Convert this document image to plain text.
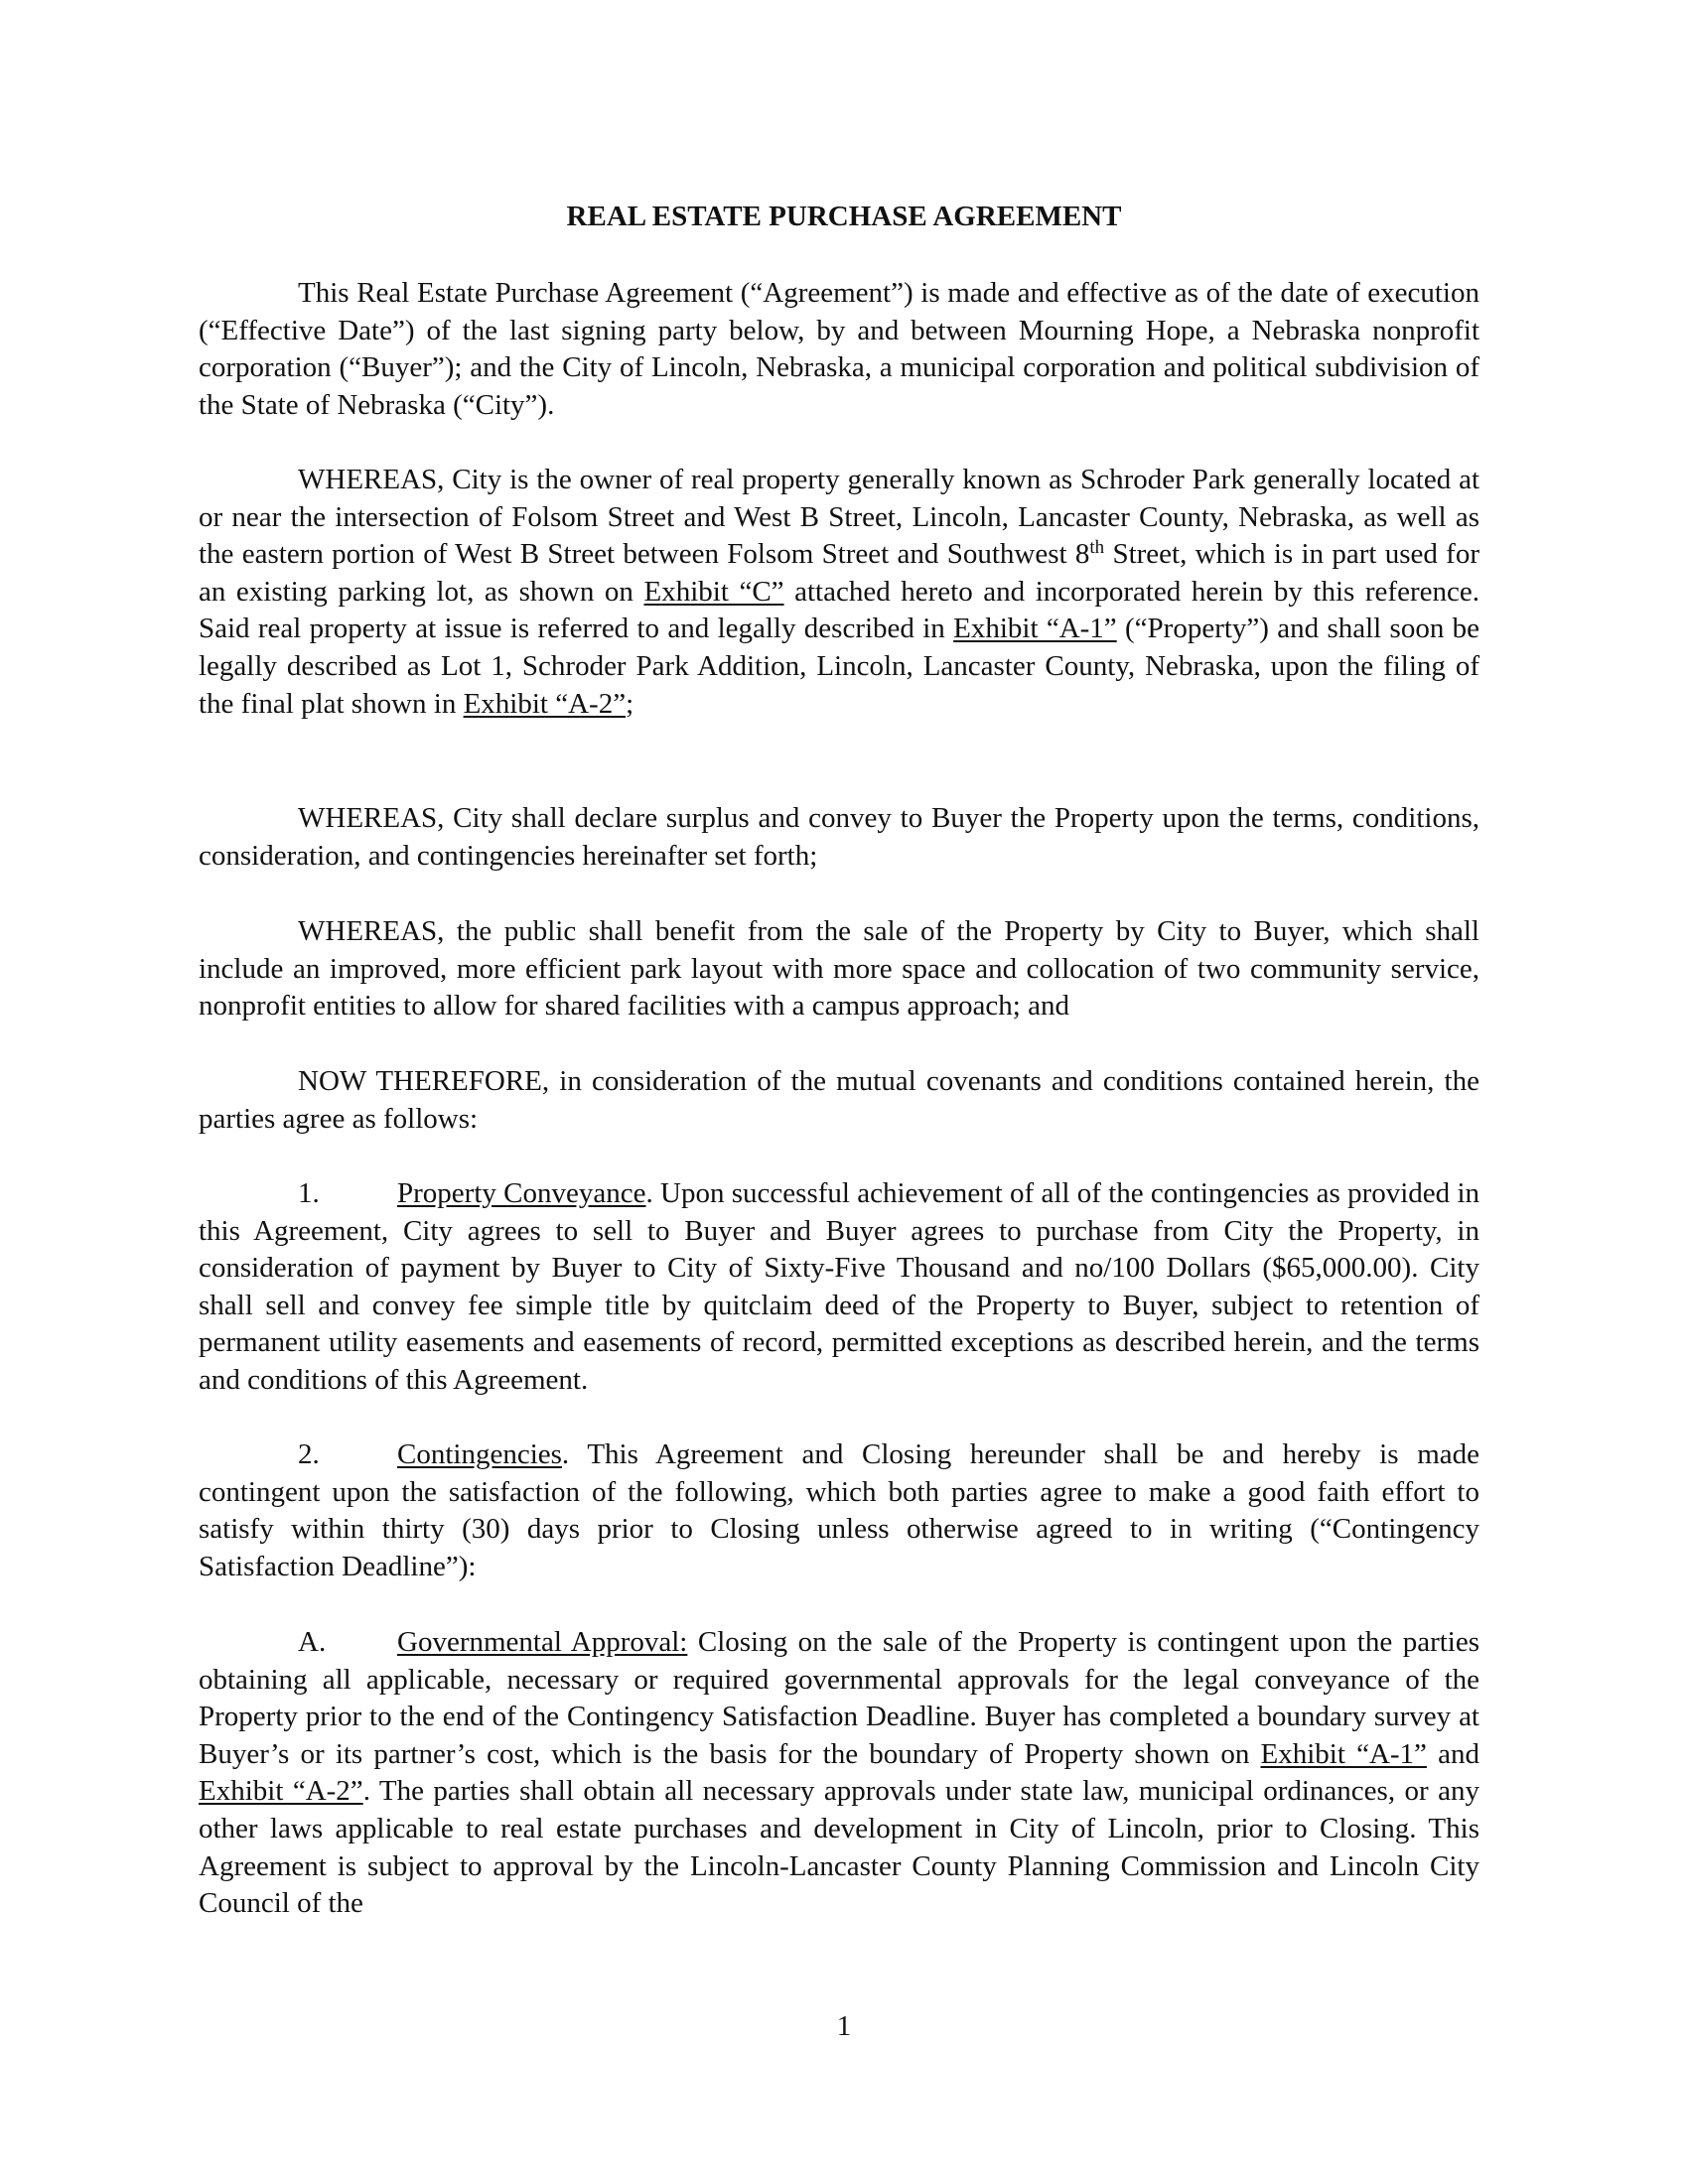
REAL ESTATE PURCHASE AGREEMENT

This Real Estate Purchase Agreement (“Agreement”) is made and effective as of the date of execution (“Effective Date”) of the last signing party below, by and between Mourning Hope, a Nebraska nonprofit corporation (“Buyer”); and the City of Lincoln, Nebraska, a municipal corporation and political subdivision of the State of Nebraska (“City”).

WHEREAS, City is the owner of real property generally known as Schroder Park generally located at or near the intersection of Folsom Street and West B Street, Lincoln, Lancaster County, Nebraska, as well as the eastern portion of West B Street between Folsom Street and Southwest 8th Street, which is in part used for an existing parking lot, as shown on Exhibit “C” attached hereto and incorporated herein by this reference. Said real property at issue is referred to and legally described in Exhibit “A-1” (“Property”) and shall soon be legally described as Lot 1, Schroder Park Addition, Lincoln, Lancaster County, Nebraska, upon the filing of the final plat shown in Exhibit “A-2”;

WHEREAS, City shall declare surplus and convey to Buyer the Property upon the terms, conditions, consideration, and contingencies hereinafter set forth;

WHEREAS, the public shall benefit from the sale of the Property by City to Buyer, which shall include an improved, more efficient park layout with more space and collocation of two community service, nonprofit entities to allow for shared facilities with a campus approach; and

NOW THEREFORE, in consideration of the mutual covenants and conditions contained herein, the parties agree as follows:

1.	Property Conveyance. Upon successful achievement of all of the contingencies as provided in this Agreement, City agrees to sell to Buyer and Buyer agrees to purchase from City the Property, in consideration of payment by Buyer to City of Sixty-Five Thousand and no/100 Dollars ($65,000.00). City shall sell and convey fee simple title by quitclaim deed of the Property to Buyer, subject to retention of permanent utility easements and easements of record, permitted exceptions as described herein, and the terms and conditions of this Agreement.

2.	Contingencies. This Agreement and Closing hereunder shall be and hereby is made contingent upon the satisfaction of the following, which both parties agree to make a good faith effort to satisfy within thirty (30) days prior to Closing unless otherwise agreed to in writing (“Contingency Satisfaction Deadline”):

A. Governmental Approval: Closing on the sale of the Property is contingent upon the parties obtaining all applicable, necessary or required governmental approvals for the legal conveyance of the Property prior to the end of the Contingency Satisfaction Deadline. Buyer has completed a boundary survey at Buyer’s or its partner’s cost, which is the basis for the boundary of Property shown on Exhibit “A-1” and Exhibit “A-2”. The parties shall obtain all necessary approvals under state law, municipal ordinances, or any other laws applicable to real estate purchases and development in City of Lincoln, prior to Closing. This Agreement is subject to approval by the Lincoln-Lancaster County Planning Commission and Lincoln City Council of the

1
